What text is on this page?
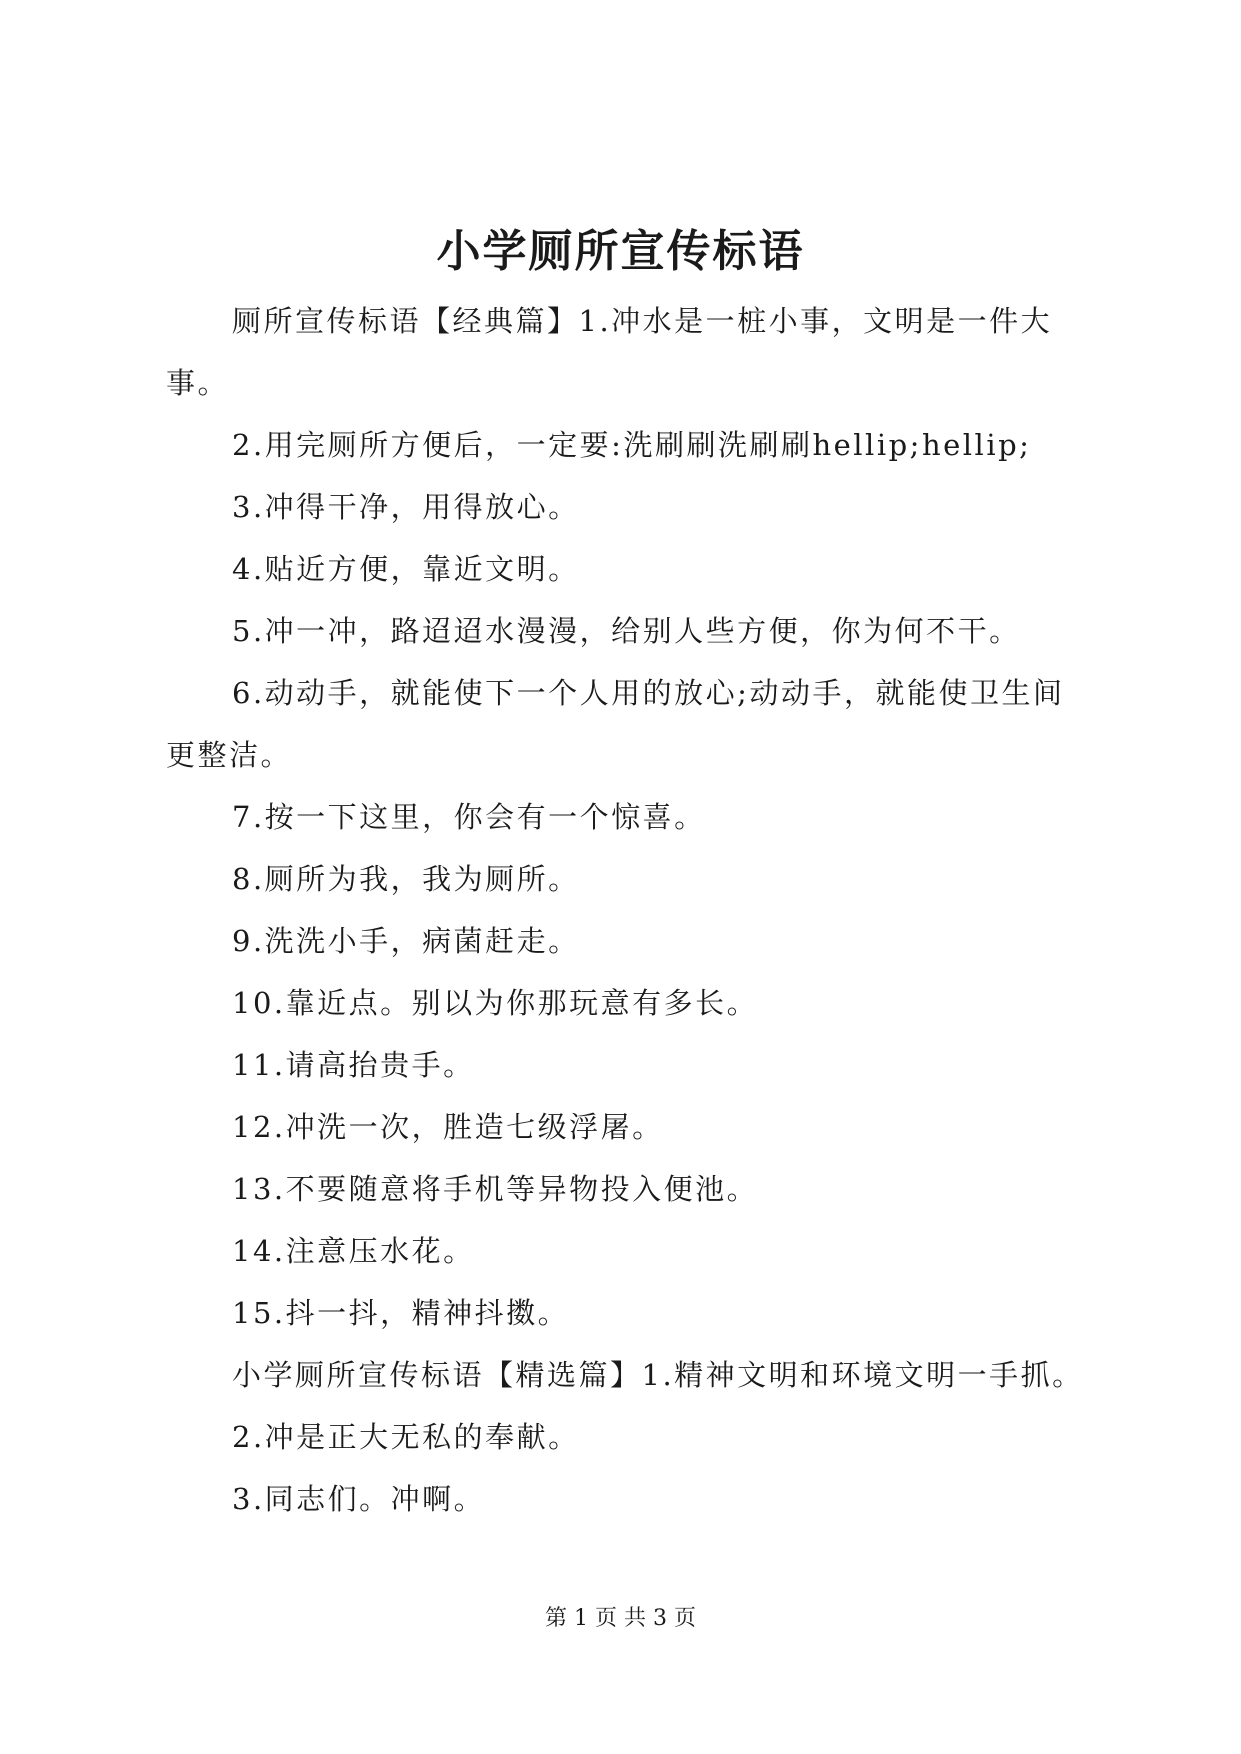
小学厕所宣传标语

厕所宣传标语【经典篇】1.冲水是一桩小事，文明是一件大事。

2.用完厕所方便后，一定要:洗刷刷洗刷刷hellip;hellip;

3.冲得干净，用得放心。

4.贴近方便，靠近文明。

5.冲一冲，路迢迢水漫漫，给别人些方便，你为何不干。

6.动动手，就能使下一个人用的放心;动动手，就能使卫生间更整洁。

7.按一下这里，你会有一个惊喜。

8.厕所为我，我为厕所。

9.洗洗小手，病菌赶走。

10.靠近点。别以为你那玩意有多长。

11.请高抬贵手。

12.冲洗一次，胜造七级浮屠。

13.不要随意将手机等异物投入便池。

14.注意压水花。

15.抖一抖，精神抖擞。

小学厕所宣传标语【精选篇】1.精神文明和环境文明一手抓。

2.冲是正大无私的奉献。

3.同志们。冲啊。

第 1 页 共 3 页
